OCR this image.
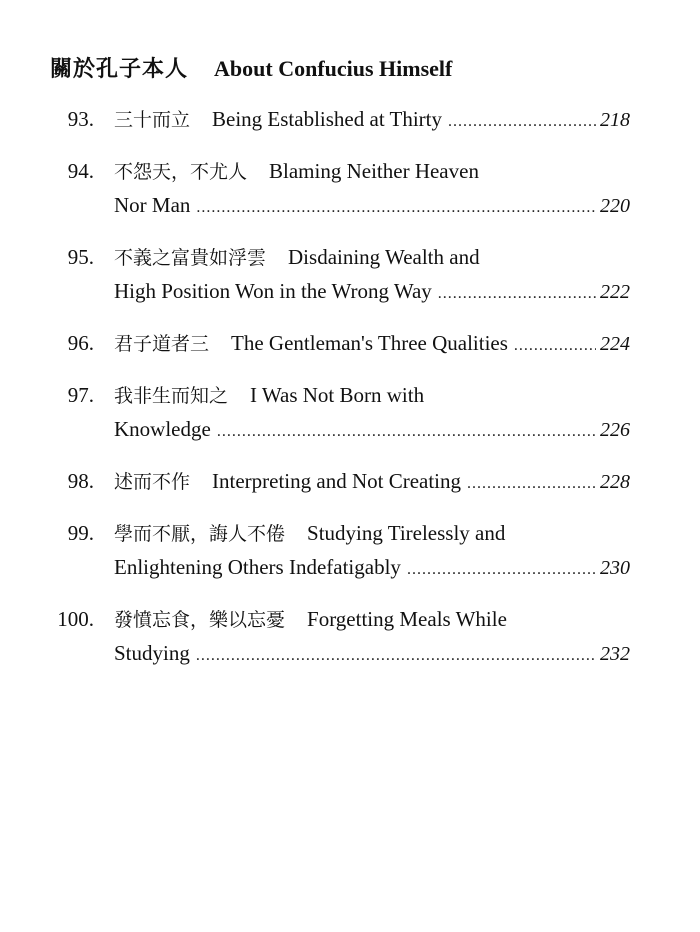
關於孔子本人 About Confucius Himself
93. 三十而立 Being Established at Thirty .....	218
94. 不怨天，不尤人 Blaming Neither Heaven
Nor Man .....	220
95. 不義之富貴如浮雲 Disdaining Wealth and
High Position Won in the Wrong Way .....	222
96. 君子道者三 The Gentleman's Three Qualities .....	224
97. 我非生而知之 I Was Not Born with
Knowledge .....	226
98. 述而不作 Interpreting and Not Creating .....	228
99. 學而不厭，誨人不倦 Studying Tirelessly and
Enlightening Others Indefatigably .....	230
100. 發憤忘食，樂以忘憂 Forgetting Meals While
Studying .....	232
